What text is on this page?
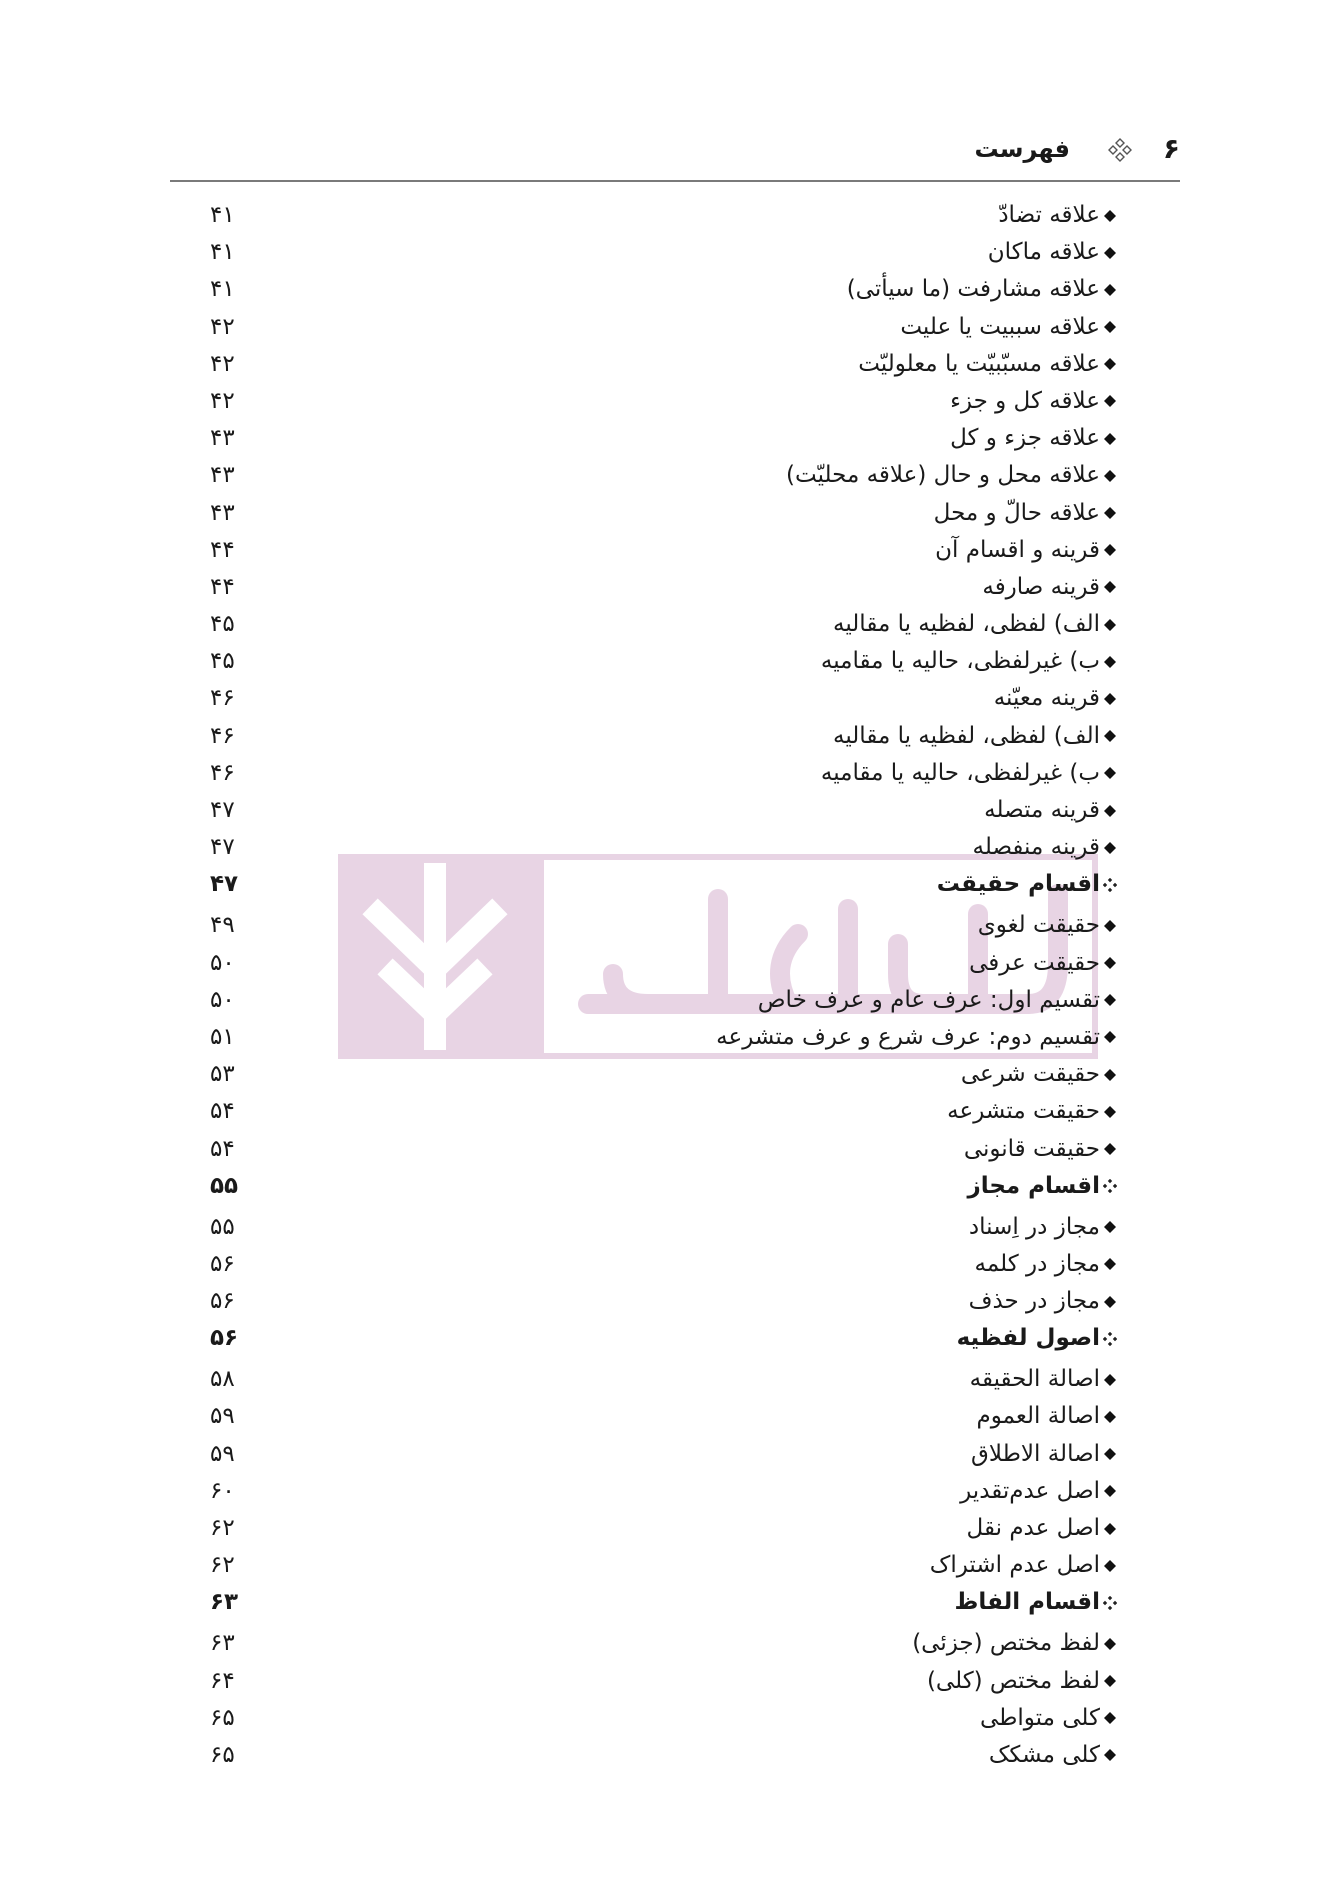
۶
فهرست
علاقه تضادّ
۴۱
علاقه ماکان
۴۱
علاقه مشارفت (ما سیأتی)
۴۱
علاقه سببیت یا علیت
۴۲
علاقه مسبّبیّت یا معلولیّت
۴۲
علاقه کل و جزء
۴۲
علاقه جزء و کل
۴۳
علاقه محل و حال (علاقه محلیّت)
۴۳
علاقه حالّ و محل
۴۳
قرینه و اقسام آن
۴۴
قرینه صارفه
۴۴
الف) لفظی، لفظیه یا مقالیه
۴۵
ب) غیرلفظی، حالیه یا مقامیه
۴۵
قرینه معیّنه
۴۶
الف) لفظی، لفظیه یا مقالیه
۴۶
ب) غیرلفظی، حالیه یا مقامیه
۴۶
قرینه متصله
۴۷
قرینه منفصله
۴۷
اقسام حقیقت
۴۷
حقیقت لغوی
۴۹
حقیقت عرفی
۵۰
تقسیم اول: عرف عام و عرف خاص
۵۰
تقسیم دوم: عرف شرع و عرف متشرعه
۵۱
حقیقت شرعی
۵۳
حقیقت متشرعه
۵۴
حقیقت قانونی
۵۴
اقسام مجاز
۵۵
مجاز در اِسناد
۵۵
مجاز در کلمه
۵۶
مجاز در حذف
۵۶
اصول لفظیه
۵۶
اصالة الحقیقه
۵۸
اصالة العموم
۵۹
اصالة الاطلاق
۵۹
اصل عدم‌تقدیر
۶۰
اصل عدم نقل
۶۲
اصل عدم اشتراک
۶۲
اقسام الفاظ
۶۳
لفظ مختص (جزئی)
۶۳
لفظ مختص (کلی)
۶۴
کلی متواطی
۶۵
کلی مشکک
۶۵
